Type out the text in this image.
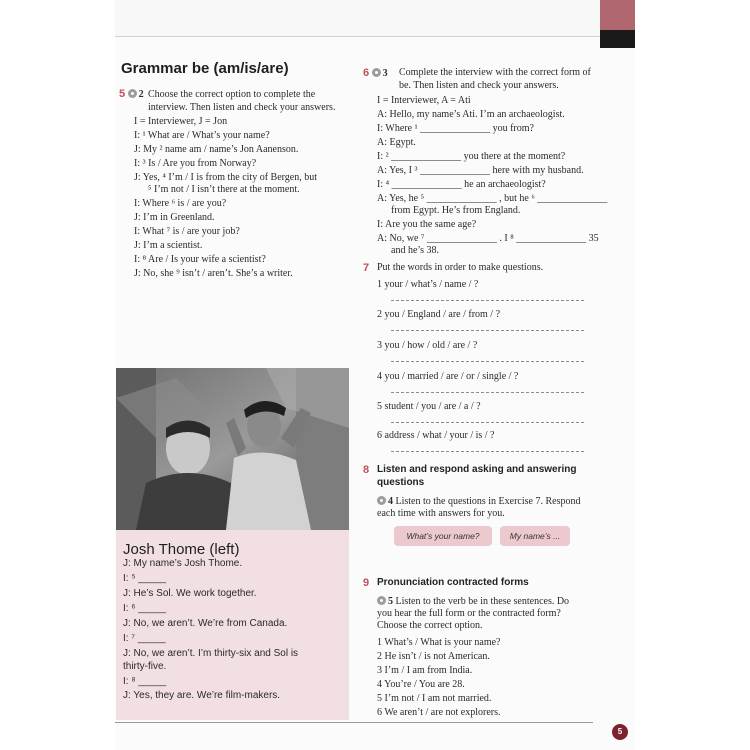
Grammar be (am/is/are)
5 2 Choose the correct option to complete the interview. Then listen and check your answers.
I = Interviewer, J = Jon
I: ¹ What are / What’s your name?
J: My ² name am / name’s Jon Aanenson.
I: ³ Is / Are you from Norway?
J: Yes, ⁴ I’m / I is from the city of Bergen, but
⁵ I’m not / I isn’t there at the moment.
I: Where ⁶ is / are you?
J: I’m in Greenland.
I: What ⁷ is / are your job?
J: I’m a scientist.
I: ⁸ Are / Is your wife a scientist?
J: No, she ⁹ isn’t / aren’t. She’s a writer.
Josh Thome (left)
J: My name’s Josh Thome.
I: ⁵ _____
J: He’s Sol. We work together.
I: ⁶ _____
J: No, we aren’t. We’re from Canada.
I: ⁷ _____
J: No, we aren’t. I’m thirty-six and Sol is
thirty-five.
I: ⁸ _____
J: Yes, they are. We’re film-makers.
6 3 Complete the interview with the correct form of be. Then listen and check your answers.
I = Interviewer, A = Ati
A: Hello, my name’s Ati. I’m an archaeologist.
I: Where ¹ ______________ you from?
A: Egypt.
I: ² ______________ you there at the moment?
A: Yes, I ³ ______________ here with my husband.
I: ⁴ ______________ he an archaeologist?
A: Yes, he ⁵ ______________ , but he ⁶ ______________
from Egypt. He’s from England.
I: Are you the same age?
A: No, we ⁷ ______________ . I ⁸ ______________ 35
and he’s 38.
7 Put the words in order to make questions.
1 your / what’s / name / ?
2 you / England / are / from / ?
3 you / how / old / are / ?
4 you / married / are / or / single / ?
5 student / you / are / a / ?
6 address / what / your / is / ?
8 Listen and respond asking and answering
questions
4 Listen to the questions in Exercise 7. Respond
each time with answers for you.
What’s your name?	My name’s ...
9 Pronunciation contracted forms
5 Listen to the verb be in these sentences. Do
you hear the full form or the contracted form?
Choose the correct option.
1 What’s / What is your name?
2 He isn’t / is not American.
3 I’m / I am from India.
4 You’re / You are 28.
5 I’m not / I am not married.
6 We aren’t / are not explorers.
5
